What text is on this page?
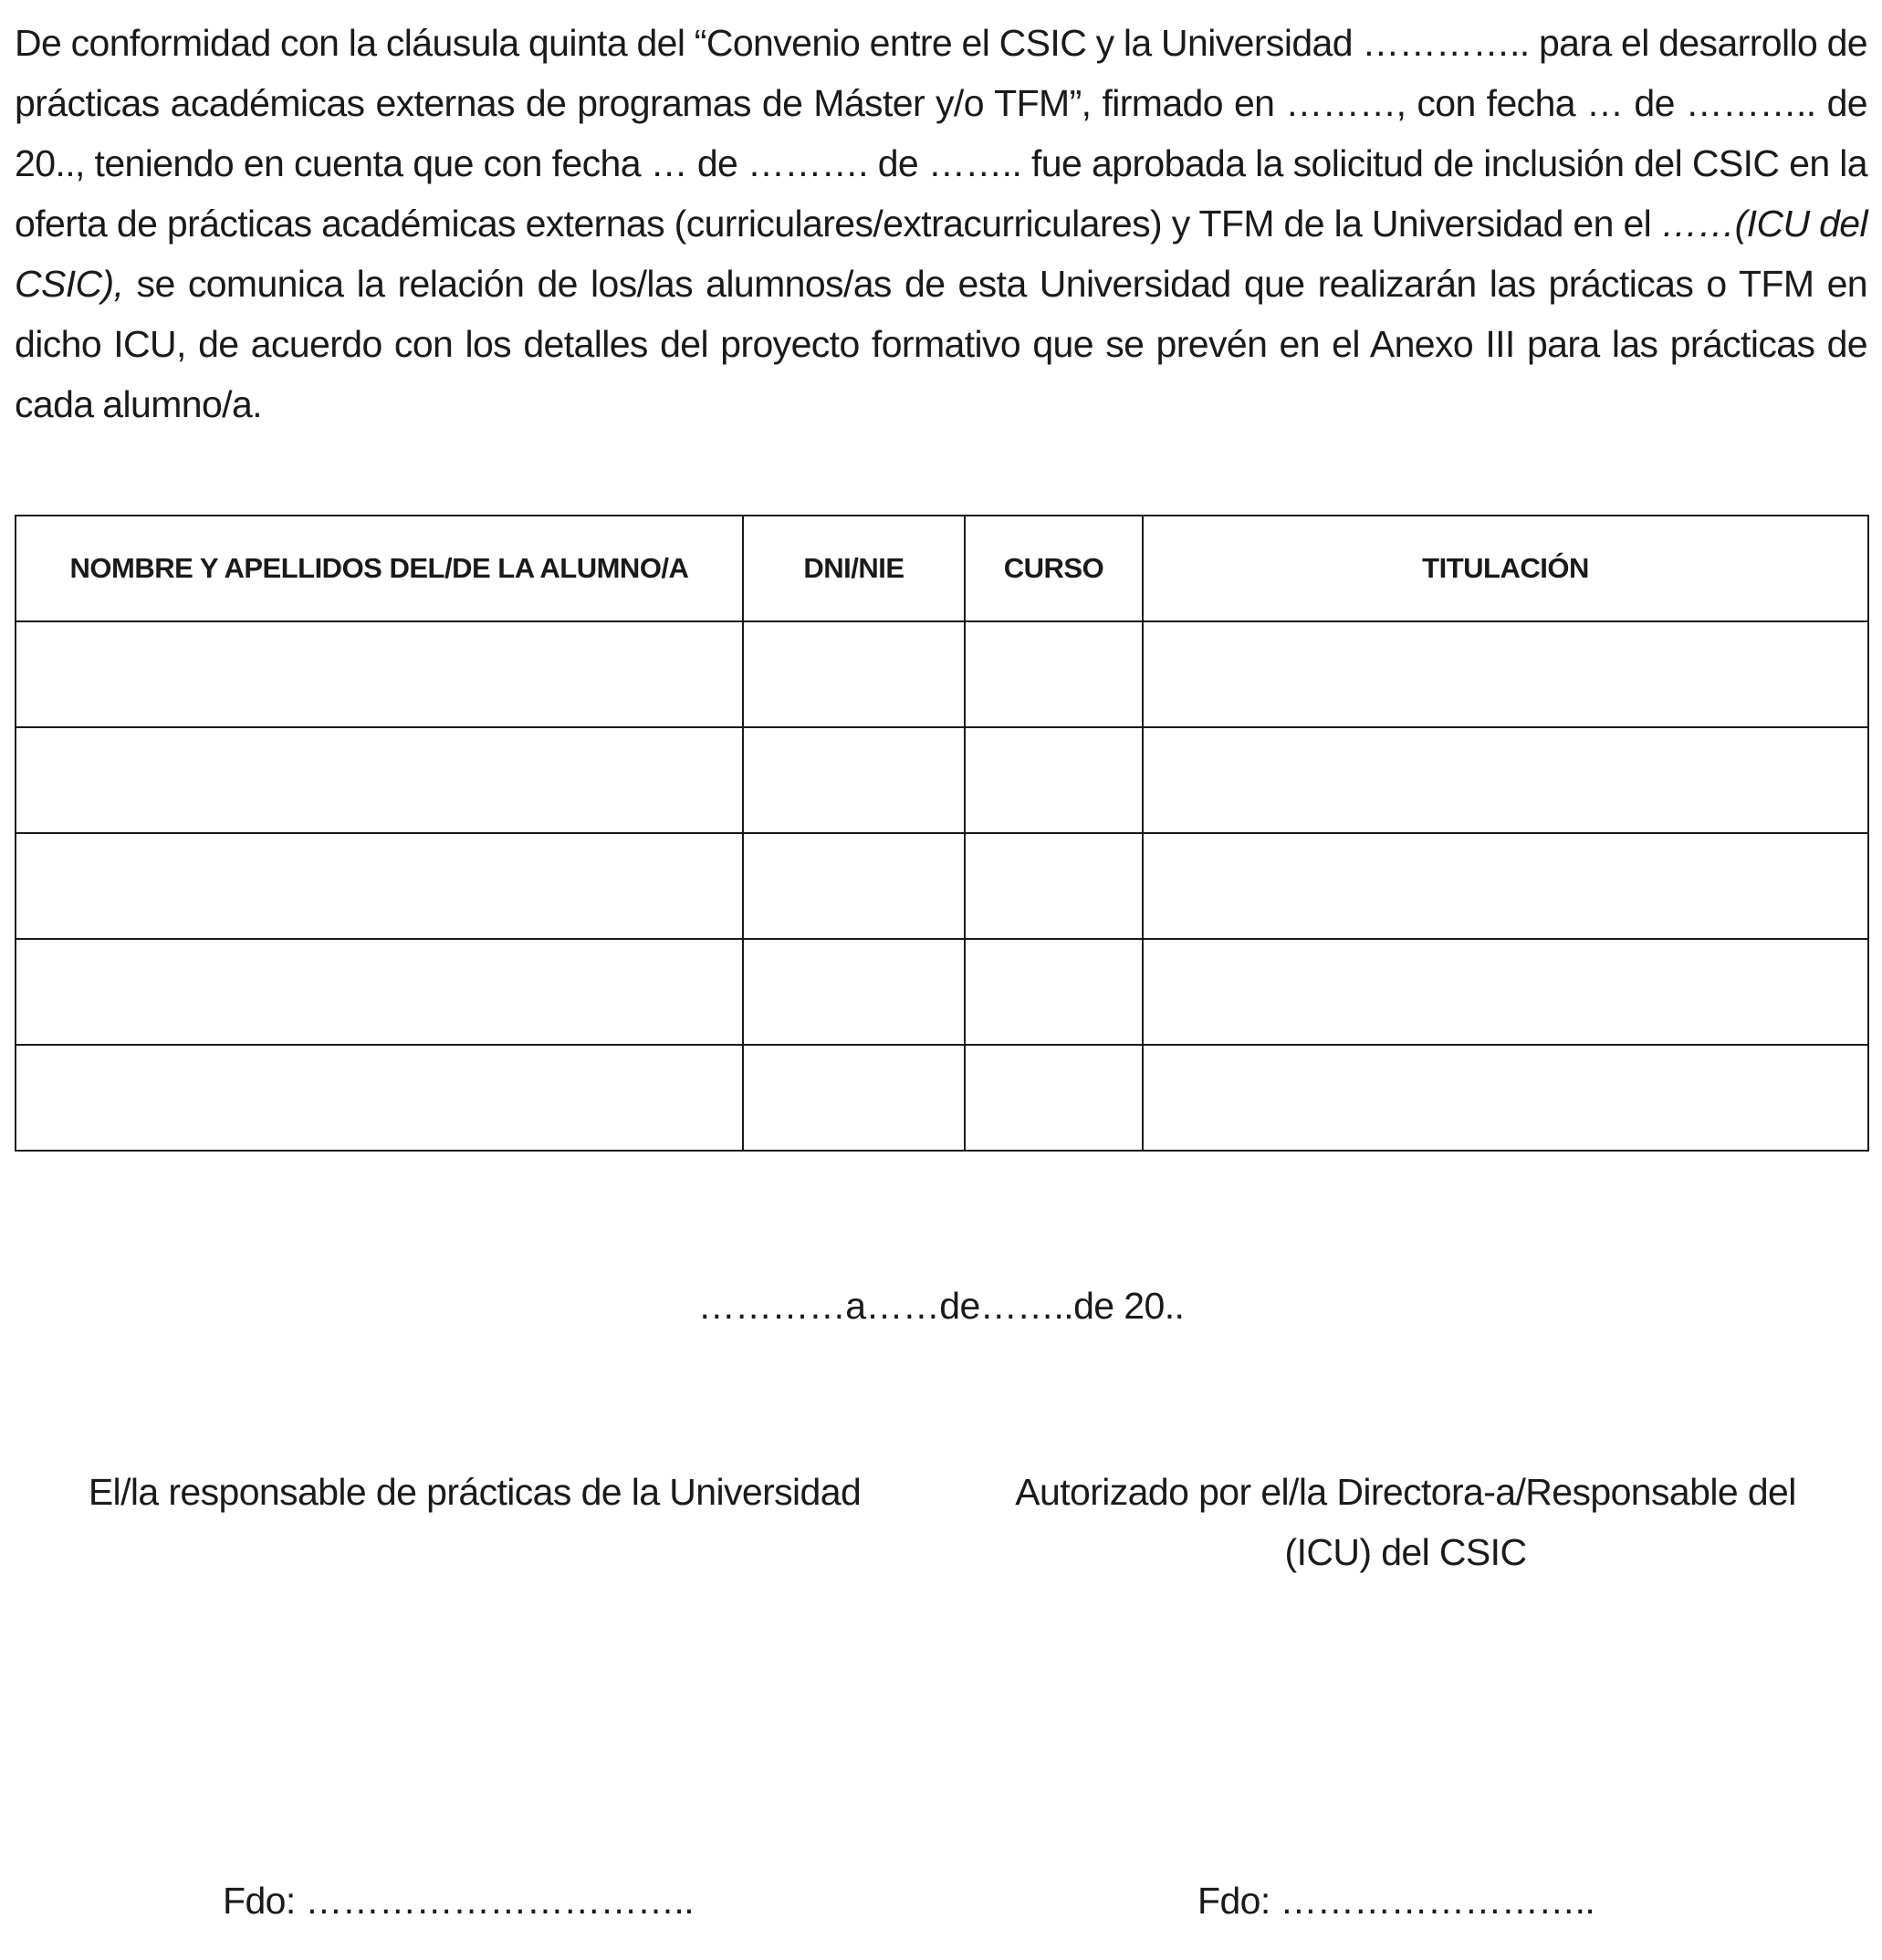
De conformidad con la cláusula quinta del “Convenio entre el CSIC y la Universidad ………….. para el desarrollo de prácticas académicas externas de programas de Máster y/o TFM”, firmado en ………, con fecha … de ……….. de 20.., teniendo en cuenta que con fecha … de ………. de …….. fue aprobada la solicitud de inclusión del CSIC en la oferta de prácticas académicas externas (curriculares/extracurriculares) y TFM de la Universidad en el ……(ICU del CSIC), se comunica la relación de los/las alumnos/as de esta Universidad que realizarán las prácticas o TFM en dicho ICU, de acuerdo con los detalles del proyecto formativo que se prevén en el Anexo III para las prácticas de cada alumno/a.

NOMBRE Y APELLIDOS DEL/DE LA ALUMNO/A	DNI/NIE	CURSO	TITULACIÓN

…………a……de……..de 20..
El/la responsable de prácticas de la Universidad	Autorizado por el/la Directora-a/Responsable del (ICU) del CSIC
Fdo: …………………………..	Fdo: ……………………..
